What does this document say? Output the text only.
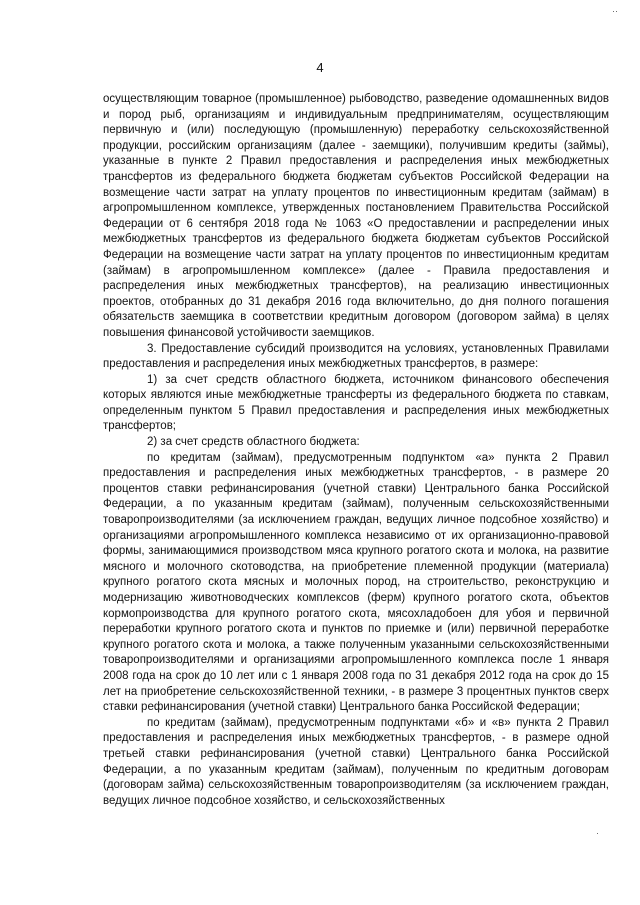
4
··
·

осуществляющим товарное (промышленное) рыбоводство, разведение одомашненных видов и пород рыб, организациям и индивидуальным предпринимателям, осуществляющим первичную и (или) последующую (промышленную) переработку сельскохозяйственной продукции, российским организациям (далее - заемщики), получившим кредиты (займы), указанные в пункте 2 Правил предоставления и распределения иных межбюджетных трансфертов из федерального бюджета бюджетам субъектов Российской Федерации на возмещение части затрат на уплату процентов по инвестиционным кредитам (займам) в агропромышленном комплексе, утвержденных постановлением Правительства Российской Федерации от 6 сентября 2018 года № 1063 «О предоставлении и распределении иных межбюджетных трансфертов из федерального бюджета бюджетам субъектов Российской Федерации на возмещение части затрат на уплату процентов по инвестиционным кредитам (займам) в агропромышленном комплексе» (далее - Правила предоставления и распределения иных межбюджетных трансфертов), на реализацию инвестиционных проектов, отобранных до 31 декабря 2016 года включительно, до дня полного погашения обязательств заемщика в соответствии кредитным договором (договором займа) в целях повышения финансовой устойчивости заемщиков.

3. Предоставление субсидий производится на условиях, установленных Правилами предоставления и распределения иных межбюджетных трансфертов, в размере:

1) за счет средств областного бюджета, источником финансового обеспечения которых являются иные межбюджетные трансферты из федерального бюджета по ставкам, определенным пунктом 5 Правил предоставления и распределения иных межбюджетных трансфертов;

2) за счет средств областного бюджета:

по кредитам (займам), предусмотренным подпунктом «а» пункта 2 Правил предоставления и распределения иных межбюджетных трансфертов, - в размере 20 процентов ставки рефинансирования (учетной ставки) Центрального банка Российской Федерации, а по указанным кредитам (займам), полученным сельскохозяйственными товаропроизводителями (за исключением граждан, ведущих личное подсобное хозяйство) и организациями агропромышленного комплекса независимо от их организационно-правовой формы, занимающимися производством мяса крупного рогатого скота и молока, на развитие мясного и молочного скотоводства, на приобретение племенной продукции (материала) крупного рогатого скота мясных и молочных пород, на строительство, реконструкцию и модернизацию животноводческих комплексов (ферм) крупного рогатого скота, объектов кормопроизводства для крупного рогатого скота, мясохладобоен для убоя и первичной переработки крупного рогатого скота и пунктов по приемке и (или) первичной переработке крупного рогатого скота и молока, а также полученным указанными сельскохозяйственными товаропроизводителями и организациями агропромышленного комплекса после 1 января 2008 года на срок до 10 лет или с 1 января 2008 года по 31 декабря 2012 года на срок до 15 лет на приобретение сельскохозяйственной техники, - в размере 3 процентных пунктов сверх ставки рефинансирования (учетной ставки) Центрального банка Российской Федерации;

по кредитам (займам), предусмотренным подпунктами «б» и «в» пункта 2 Правил предоставления и распределения иных межбюджетных трансфертов, - в размере одной третьей ставки рефинансирования (учетной ставки) Центрального банка Российской Федерации, а по указанным кредитам (займам), полученным по кредитным договорам (договорам займа) сельскохозяйственным товаропроизводителям (за исключением граждан, ведущих личное подсобное хозяйство, и сельскохозяйственных
